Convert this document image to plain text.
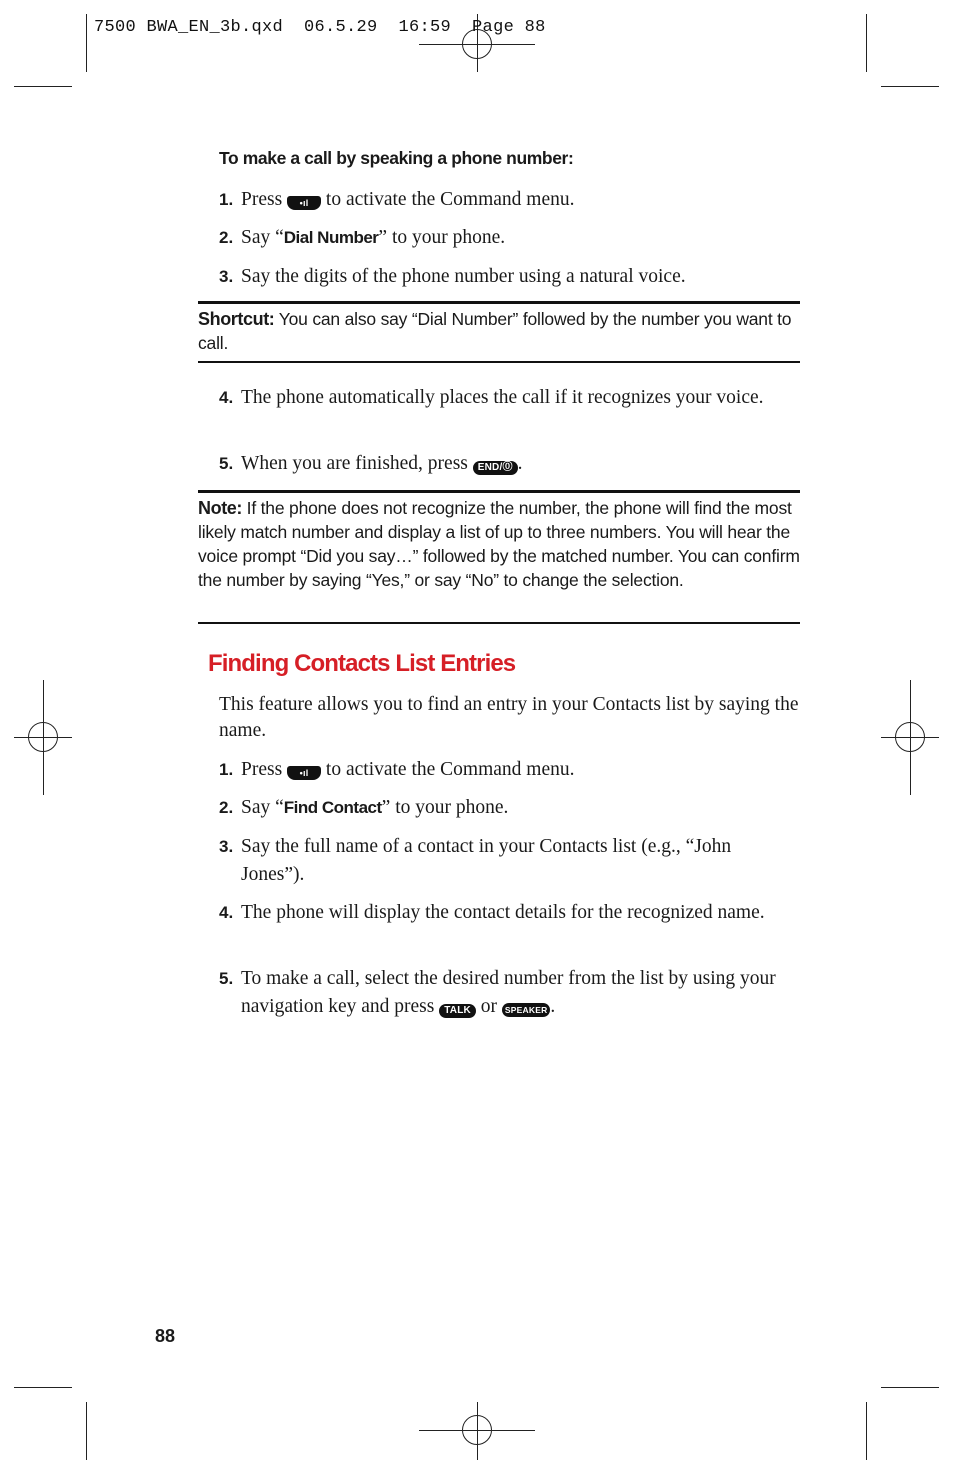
7500 BWA_EN_3b.qxd  06.5.29  16:59  Page 88
To make a call by speaking a phone number:
1. Press •ıl to activate the Command menu.
2. Say “Dial Number” to your phone.
3. Say the digits of the phone number using a natural voice.
Shortcut: You can also say “Dial Number” followed by the number you want to call.
4. The phone automatically places the call if it recognizes your voice.
5. When you are finished, press END/⓪ .
Note: If the phone does not recognize the number, the phone will find the most likely match number and display a list of up to three numbers. You will hear the voice prompt “Did you say…” followed by the matched number. You can confirm the number by saying “Yes,” or say “No” to change the selection.
Finding Contacts List Entries
This feature allows you to find an entry in your Contacts list by saying the name.
1. Press •ıl to activate the Command menu.
2. Say “Find Contact” to your phone.
3. Say the full name of a contact in your Contacts list (e.g., “John Jones”).
4. The phone will display the contact details for the recognized name.
5. To make a call, select the desired number from the list by using your navigation key and press TALK or SPEAKER .
88
